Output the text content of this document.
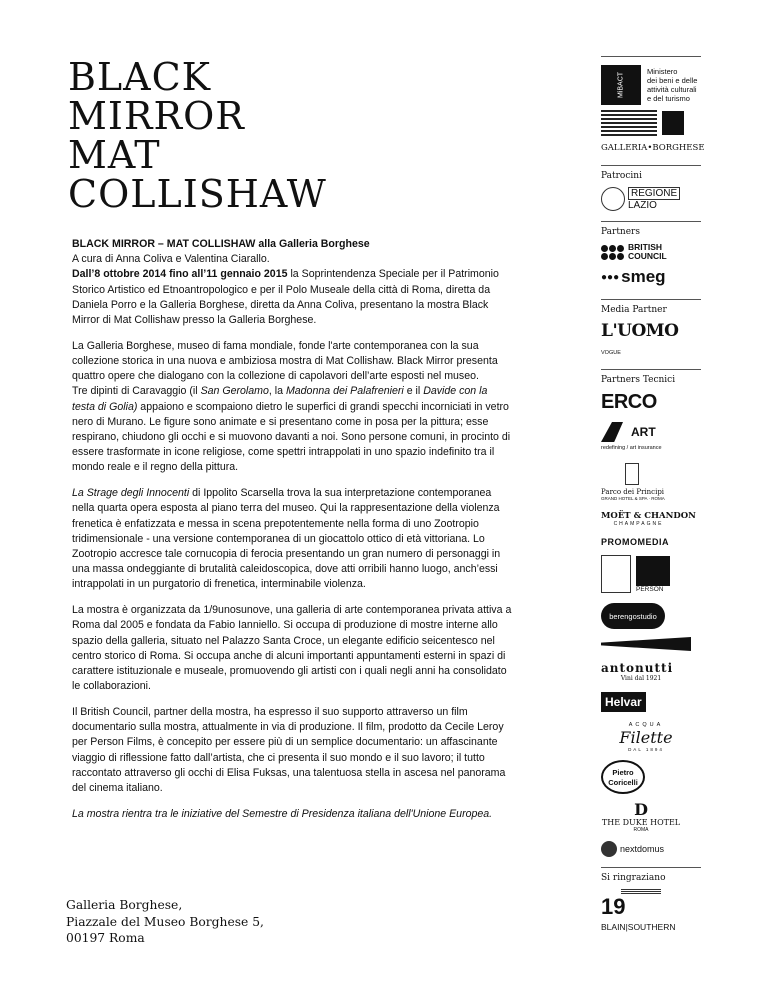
BLACK
MIRROR
MAT
COLLISHAW

BLACK MIRROR – MAT COLLISHAW alla Galleria Borghese
A cura di Anna Coliva e Valentina Ciarallo.
Dall’8 ottobre 2014 fino all’11 gennaio 2015 la Soprintendenza Speciale per il Patrimonio Storico Artistico ed Etnoantropologico e per il Polo Museale della città di Roma, diretta da Daniela Porro e la Galleria Borghese, diretta da Anna Coliva, presentano la mostra Black Mirror di Mat Collishaw presso la Galleria Borghese.

La Galleria Borghese, museo di fama mondiale, fonde l'arte contemporanea con la sua collezione storica in una nuova e ambiziosa mostra di Mat Collishaw. Black Mirror presenta quattro opere che dialogano con la collezione di capolavori dell’arte esposti nel museo.
Tre dipinti di Caravaggio (il San Gerolamo, la Madonna dei Palafrenieri e il Davide con la testa di Golia) appaiono e scompaiono dietro le superfici di grandi specchi incorniciati in vetro nero di Murano. Le figure sono animate e si presentano come in posa per la pittura; esse respirano, chiudono gli occhi e si muovono davanti a noi. Sono persone comuni, in procinto di essere trasformate in icone religiose, come spettri intrappolati in uno spazio indefinito tra il mondo reale e il regno della pittura.

La Strage degli Innocenti di Ippolito Scarsella trova la sua interpretazione contemporanea nella quarta opera esposta al piano terra del museo. Qui la rappresentazione della violenza frenetica è enfatizzata e messa in scena prepotentemente nella forma di uno Zootropio tridimensionale - una versione contemporanea di un giocattolo ottico di età vittoriana. Lo Zootropio accresce tale cornucopia di ferocia presentando un gran numero di personaggi in una massa ondeggiante di brutalità caleidoscopica, dove atti orribili hanno luogo, anch’essi intrappolati in un purgatorio di frenetica, interminabile violenza.

La mostra è organizzata da 1/9unosunove, una galleria di arte contemporanea privata attiva a Roma dal 2005 e fondata da Fabio Ianniello. Si occupa di produzione di mostre interne allo spazio della galleria, situato nel Palazzo Santa Croce, un elegante edificio seicentesco nel centro storico di Roma. Si occupa anche di alcuni importanti appuntamenti esterni in spazi di carattere istituzionale e museale, promuovendo gli artisti con i quali negli anni ha consolidato le collaborazioni.

Il British Council, partner della mostra, ha espresso il suo supporto attraverso un film documentario sulla mostra, attualmente in via di produzione. Il film, prodotto da Cecile Leroy per Person Films, è concepito per essere più di un semplice documentario: un affascinante viaggio di riflessione fatto dall’artista, che ci presenta il suo mondo e il suo lavoro; il tutto raccontato attraverso gli occhi di Elisa Fuksas, una talentuosa stella in ascesa nel panorama del cinema italiano.

La mostra rientra tra le iniziative del Semestre di Presidenza italiana dell'Unione Europea.

Galleria Borghese,
Piazzale del Museo Borghese 5,
00197 Roma
MiBACT
Ministero
dei beni e delle
attività culturali
e del turismo
GALLERIA•BORGHESE
Patrocini
REGIONE
LAZIO
Partners
BRITISH
COUNCIL
●●● smeg
Media Partner
L'UOMO VOGUE
Partners Tecnici
ERCO
ART
redefining / art insurance
Parco dei Principi
GRAND HOTEL & SPA · ROMA
MOËT & CHANDON
CHAMPAGNE
PROMOMEDIA
PERSON
berengostudio
antonutti
Vini dal 1921
Helvar
ACQUA
Filette
DAL 1894
Pietro
Coricelli
D
THE DUKE HOTEL
ROMA
nextdomus
Si ringraziano
19
BLAIN|SOUTHERN
